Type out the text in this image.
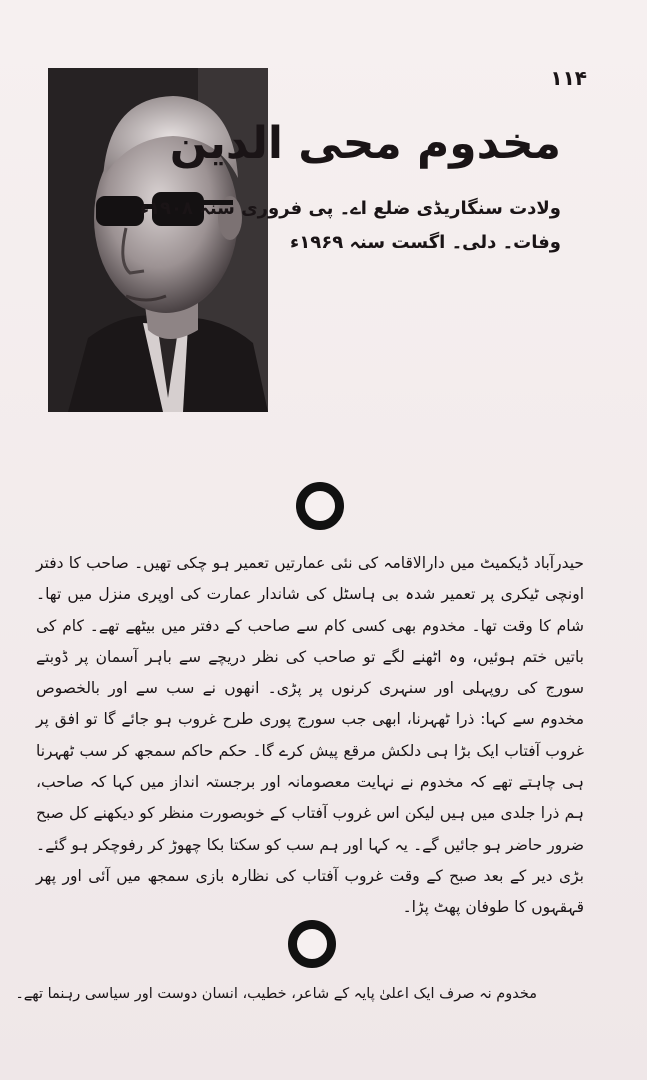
۱۱۴
مخدوم محی الدین
ولادت سنگاریڈی ضلع اے۔ پی فروری سنہ ۱۹۰۸ء
وفات۔ دلی۔ اگست سنہ ۱۹۶۹ء

حیدرآباد ڈیکمیٹ میں دارالاقامہ کی نئی عمارتیں تعمیر ہو چکی تھیں۔ صاحب کا دفتر اونچی ٹیکری پر تعمیر شدہ بی ہاسٹل کی شاندار عمارت کی اوپری منزل میں تھا۔ شام کا وقت تھا۔ مخدوم بھی کسی کام سے صاحب کے دفتر میں بیٹھے تھے۔ کام کی باتیں ختم ہوئیں، وہ اٹھنے لگے تو صاحب کی نظر دریچے سے باہر آسمان پر ڈوبتے سورج کی روپہلی اور سنہری کرنوں پر پڑی۔ انھوں نے سب سے اور بالخصوص مخدوم سے کہا: ذرا ٹھہرنا، ابھی جب سورج پوری طرح غروب ہو جائے گا تو افق پر غروب آفتاب ایک بڑا ہی دلکش مرقع پیش کرے گا۔ حکم حاکم سمجھ کر سب ٹھہرنا ہی چاہتے تھے کہ مخدوم نے نہایت معصومانہ اور برجستہ انداز میں کہا کہ صاحب، ہم ذرا جلدی میں ہیں لیکن اس غروب آفتاب کے خوبصورت منظر کو دیکھنے کل صبح ضرور حاضر ہو جائیں گے۔ یہ کہا اور ہم سب کو سکتا بکا چھوڑ کر رفوچکر ہو گئے۔ بڑی دیر کے بعد صبح کے وقت غروب آفتاب کی نظارہ بازی سمجھ میں آئی اور پھر قہقہوں کا طوفان پھٹ پڑا۔

مخدوم نہ صرف ایک اعلیٰ پایہ کے شاعر، خطیب، انسان دوست اور سیاسی رہنما تھے۔
